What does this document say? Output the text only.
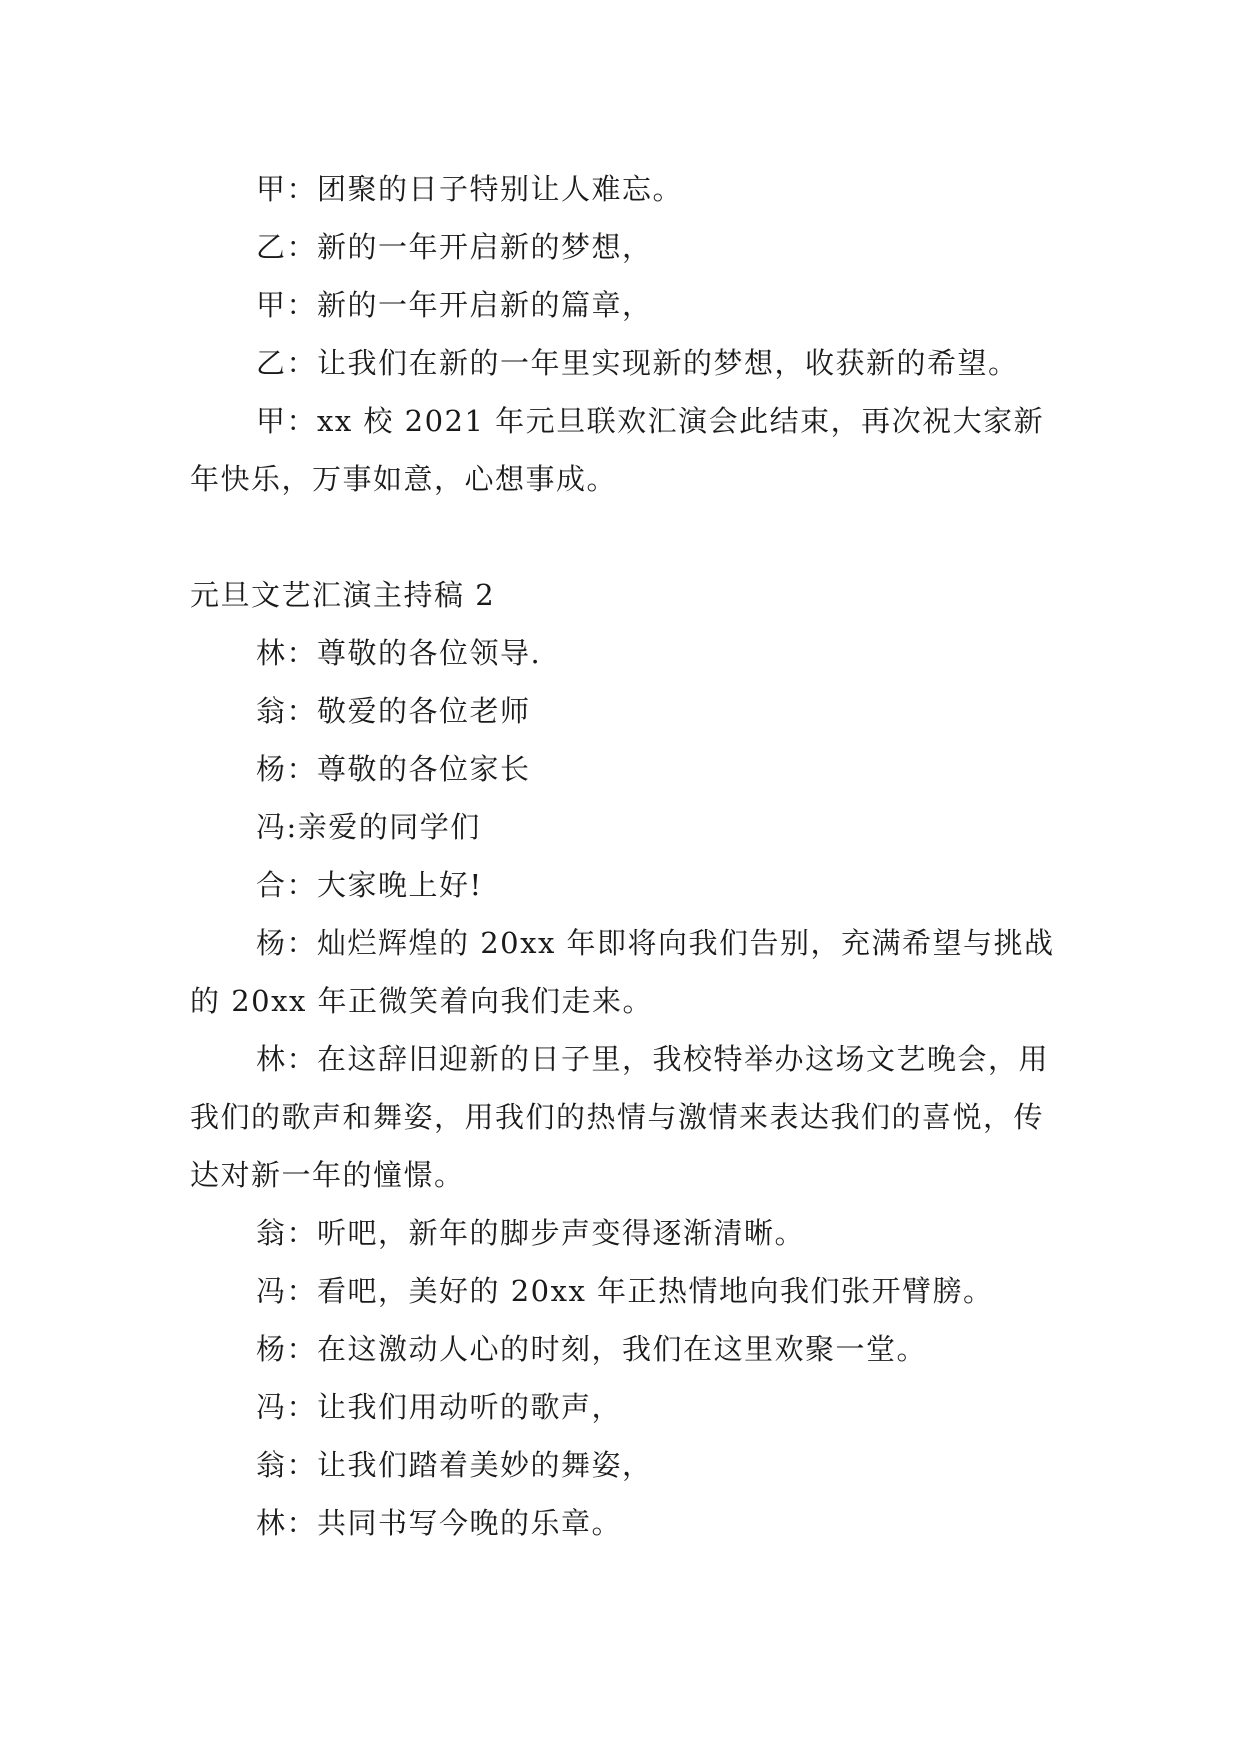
甲：团聚的日子特别让人难忘。

乙：新的一年开启新的梦想，

甲：新的一年开启新的篇章，

乙：让我们在新的一年里实现新的梦想，收获新的希望。

甲：xx 校 2021 年元旦联欢汇演会此结束，再次祝大家新年快乐，万事如意，心想事成。

元旦文艺汇演主持稿 2

林：尊敬的各位领导.

翁：敬爱的各位老师

杨：尊敬的各位家长

冯:亲爱的同学们

合：大家晚上好!

杨：灿烂辉煌的 20xx 年即将向我们告别，充满希望与挑战的 20xx 年正微笑着向我们走来。

林：在这辞旧迎新的日子里，我校特举办这场文艺晚会，用我们的歌声和舞姿，用我们的热情与激情来表达我们的喜悦，传达对新一年的憧憬。

翁：听吧，新年的脚步声变得逐渐清晰。

冯：看吧，美好的 20xx 年正热情地向我们张开臂膀。

杨：在这激动人心的时刻，我们在这里欢聚一堂。

冯：让我们用动听的歌声，

翁：让我们踏着美妙的舞姿，

林：共同书写今晚的乐章。
